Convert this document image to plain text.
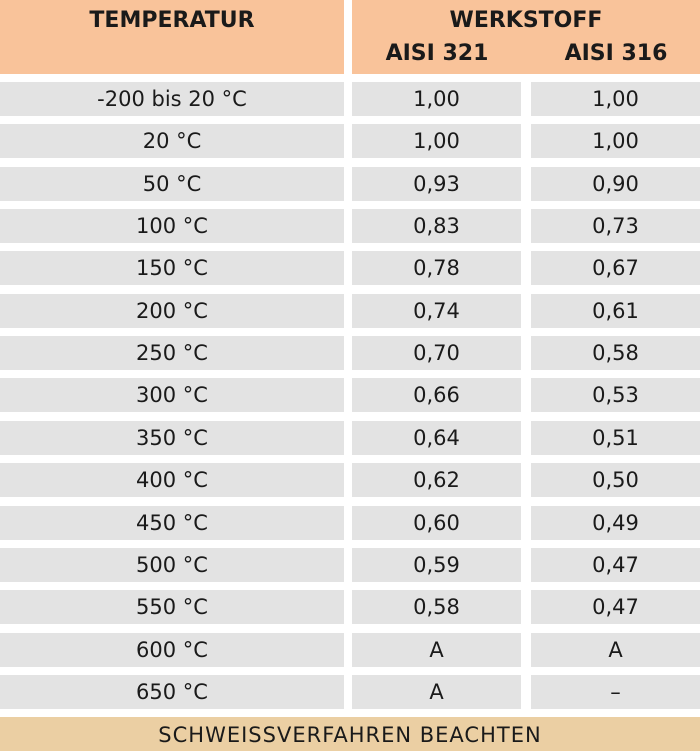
TEMPERATUR	WERKSTOFF
AISI 321	AISI 316
-200 bis 20 °C	1,00	1,00
20 °C	1,00	1,00
50 °C	0,93	0,90
100 °C	0,83	0,73
150 °C	0,78	0,67
200 °C	0,74	0,61
250 °C	0,70	0,58
300 °C	0,66	0,53
350 °C	0,64	0,51
400 °C	0,62	0,50
450 °C	0,60	0,49
500 °C	0,59	0,47
550 °C	0,58	0,47
600 °C	A	A
650 °C	A	–
SCHWEISSVERFAHREN BEACHTEN
